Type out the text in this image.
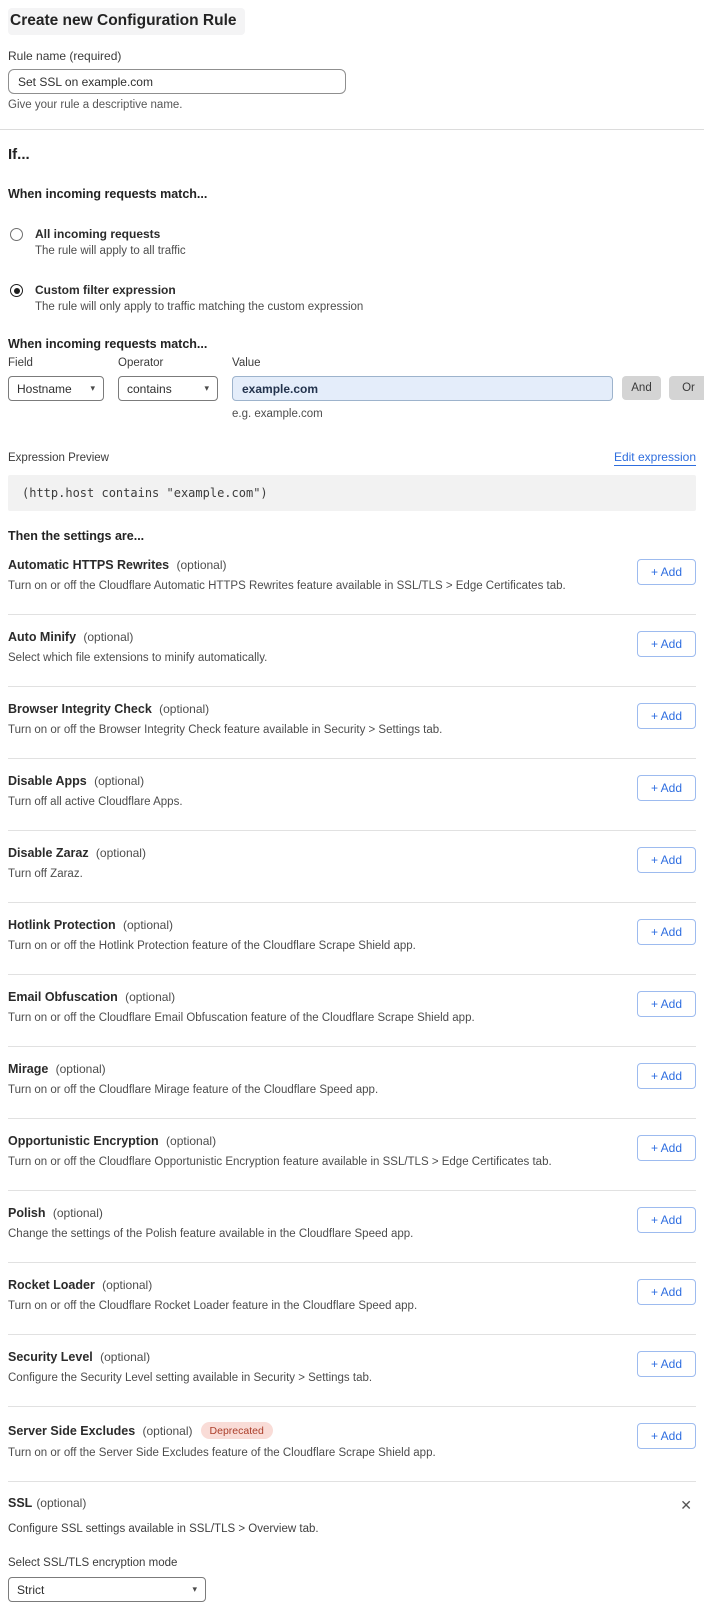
Create new Configuration Rule
Rule name (required)
Set SSL on example.com
Give your rule a descriptive name.
If...
When incoming requests match...
All incoming requests
The rule will apply to all traffic
Custom filter expression
The rule will only apply to traffic matching the custom expression
When incoming requests match...
Field
Hostname ▾
Operator
contains	▾
Value
example.com
And	Or
e.g. example.com
Expression Preview	Edit expression
(http.host contains "example.com")
Then the settings are...
Automatic HTTPS Rewrites (optional)
Turn on or off the Cloudflare Automatic HTTPS Rewrites feature available in SSL/TLS > Edge Certificates tab.
+ Add
Auto Minify (optional)
Select which file extensions to minify automatically.
+ Add
Browser Integrity Check (optional)
Turn on or off the Browser Integrity Check feature available in Security > Settings tab.
+ Add
Disable Apps (optional)
Turn off all active Cloudflare Apps.
+ Add
Disable Zaraz (optional)
Turn off Zaraz.
+ Add
Hotlink Protection (optional)
Turn on or off the Hotlink Protection feature of the Cloudflare Scrape Shield app.
+ Add
Email Obfuscation (optional)
Turn on or off the Cloudflare Email Obfuscation feature of the Cloudflare Scrape Shield app.
+ Add
Mirage (optional)
Turn on or off the Cloudflare Mirage feature of the Cloudflare Speed app.
+ Add
Opportunistic Encryption (optional)
Turn on or off the Cloudflare Opportunistic Encryption feature available in SSL/TLS > Edge Certificates tab.
+ Add
Polish (optional)
Change the settings of the Polish feature available in the Cloudflare Speed app.
+ Add
Rocket Loader (optional)
Turn on or off the Cloudflare Rocket Loader feature in the Cloudflare Speed app.
+ Add
Security Level (optional)
Configure the Security Level setting available in Security > Settings tab.
+ Add
Server Side Excludes (optional)	Deprecated
Turn on or off the Server Side Excludes feature of the Cloudflare Scrape Shield app.
+ Add
SSL (optional)	✕
Configure SSL settings available in SSL/TLS > Overview tab.
Select SSL/TLS encryption mode
Strict	▾
